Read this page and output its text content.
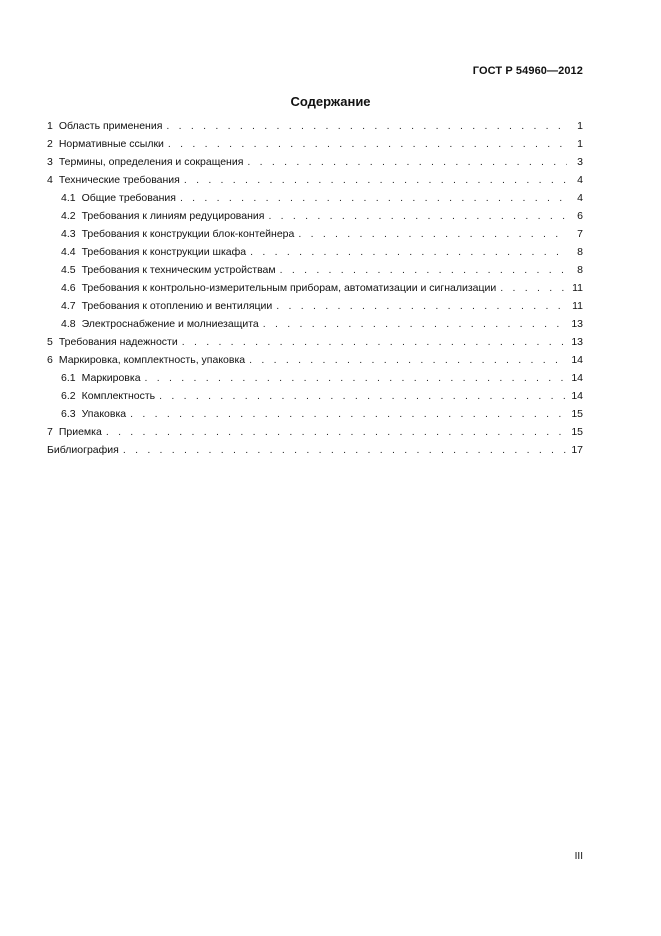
ГОСТ Р 54960—2012
Содержание
1 Область применения . . .	1
2 Нормативные ссылки . . .	1
3 Термины, определения и сокращения . . .	3
4 Технические требования . . .	4
4.1 Общие требования . . .	4
4.2 Требования к линиям редуцирования . . .	6
4.3 Требования к конструкции блок-контейнера . . .	7
4.4 Требования к конструкции шкафа . . .	8
4.5 Требования к техническим устройствам . . .	8
4.6 Требования к контрольно-измерительным приборам, автоматизации и сигнализации . . .	11
4.7 Требования к отоплению и вентиляции . . .	11
4.8 Электроснабжение и молниезащита . . .	13
5 Требования надежности . . .	13
6 Маркировка, комплектность, упаковка . . .	14
6.1 Маркировка . . .	14
6.2 Комплектность . . .	14
6.3 Упаковка . . .	15
7 Приемка . . .	15
Библиография . . .	17
III
